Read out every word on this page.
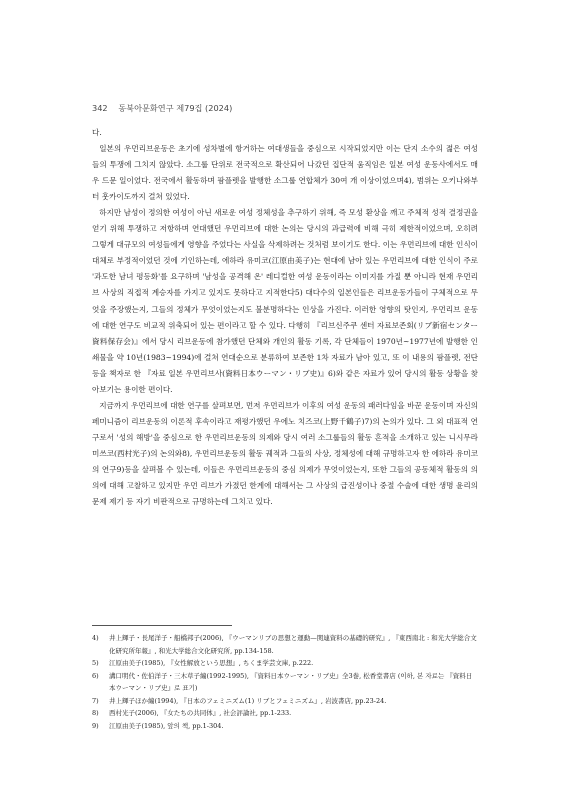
342 동북아문화연구 제79집 (2024)

다.

일본의 우먼리브운동은 초기에 성차별에 항거하는 여대생들을 중심으로 시작되었지만 이는 단지 소수의 젊은 여성들의 투쟁에 그치지 않았다. 소그룹 단위로 전국적으로 확산되어 나갔던 집단적 움직임은 일본 여성 운동사에서도 매우 드문 일이었다. 전국에서 활동하며 팜플렛을 발행한 소그룹 연합체가 30여 개 이상이었으며4), 범위는 오키나와부터 훗카이도까지 걸쳐 있었다.

하지만 남성이 정의한 여성이 아닌 새로운 여성 정체성을 추구하기 위해, 즉 모성 환상을 깨고 주체적 성적 결정권을 얻기 위해 투쟁하고 저항하며 연대했던 우먼리브에 대한 논의는 당시의 과급력에 비해 극히 제한적이었으며, 오히려 그렇게 대규모의 여성들에게 영향을 주었다는 사실을 삭제하려는 것처럼 보이기도 한다. 이는 우먼리브에 대한 인식이 대체로 부정적이었던 것에 기인하는데, 에하라 유미코(江原由美子)는 현대에 남아 있는 우먼리브에 대한 인식이 주로 '과도한 남녀 평등화'를 요구하며 '남성을 공격해 온' 레디컬한 여성 운동이라는 이미지를 가질 뿐 아니라 현재 우먼리브 사상의 직접적 계승자를 가지고 있지도 못하다고 지적한다5) 대다수의 일본인들은 리브운동가들이 구체적으로 무엇을 주장했는지, 그들의 정체가 무엇이었는지도 불분명하다는 인상을 가진다. 이러한 영향의 탓인지, 우먼리브 운동에 대한 연구도 비교적 위축되어 있는 편이라고 할 수 있다. 다행히 『리브신주쿠 센터 자료보존회(リブ新宿センター資料保存会)』에서 당시 리브운동에 참가했던 단체와 개인의 활동 기록, 각 단체들이 1970년~1977년에 발행한 인쇄물을 약 10년(1983~1994)에 걸쳐 연대순으로 분류하여 보존한 1차 자료가 남아 있고, 또 이 내용의 팜플렛, 전단 등을 책자로 한 『자료 일본 우먼리브사(資料日本ウーマン・リブ史)』6)와 같은 자료가 있어 당시의 활동 상황을 찾아보기는 용이한 편이다.

지금까지 우먼리브에 대한 연구를 살펴보면, 먼저 우먼리브가 이후의 여성 운동의 패러다임을 바꾼 운동이며 자신의 페미니즘이 리브운동의 이론적 후속이라고 재평가했던 우에노 치즈코(上野千鶴子)7)의 논의가 있다. 그 외 대표적 연구로서 '성의 해방'을 중심으로 한 우먼리브운동의 의제와 당시 여러 소그룹들의 활동 흔적을 소개하고 있는 니시무라 미쓰코(西村光子)의 논의와8), 우먼리브운동의 활동 궤적과 그들의 사상, 정체성에 대해 규명하고자 한 에하라 유미코의 연구9)등을 살펴볼 수 있는데, 이들은 우먼리브운동의 중심 의제가 무엇이었는지, 또한 그들의 공동체적 활동의 의의에 대해 고찰하고 있지만 우먼 리브가 가졌던 한계에 대해서는 그 사상의 급진성이나 중절 수술에 대한 생명 윤리의 문제 제기 등 자기 비판적으로 규명하는데 그치고 있다.

4)	井上輝子・長尾洋子・船橋邦子(2006), 『ウーマンリブの思想と運動—関連資料の基礎的研究』, 『東西南北 : 和光大学総合文化研究所年報』, 和光大学総合文化研究所, pp.134-158.
5)	江原由美子(1985), 『女性解放という思想』, ちくま学芸文庫, p.222.
6)	溝口明代・佐伯洋子・三木草子編(1992-1995), 『資料日本ウーマン・リブ史』全3巻, 松香堂書店 (이하, 본 자료는 『資料日本ウーマン・リブ史』로 표기)
7)	井上輝子ほか編(1994), 『日本のフェミニズム(1) リブとフェミニズム』, 岩波書店, pp.23-24.
8)	西村光子(2006), 『女たちの共同体』, 社会評論社, pp.1-233.
9)	江原由美子(1985), 앞의 책, pp.1-304.
